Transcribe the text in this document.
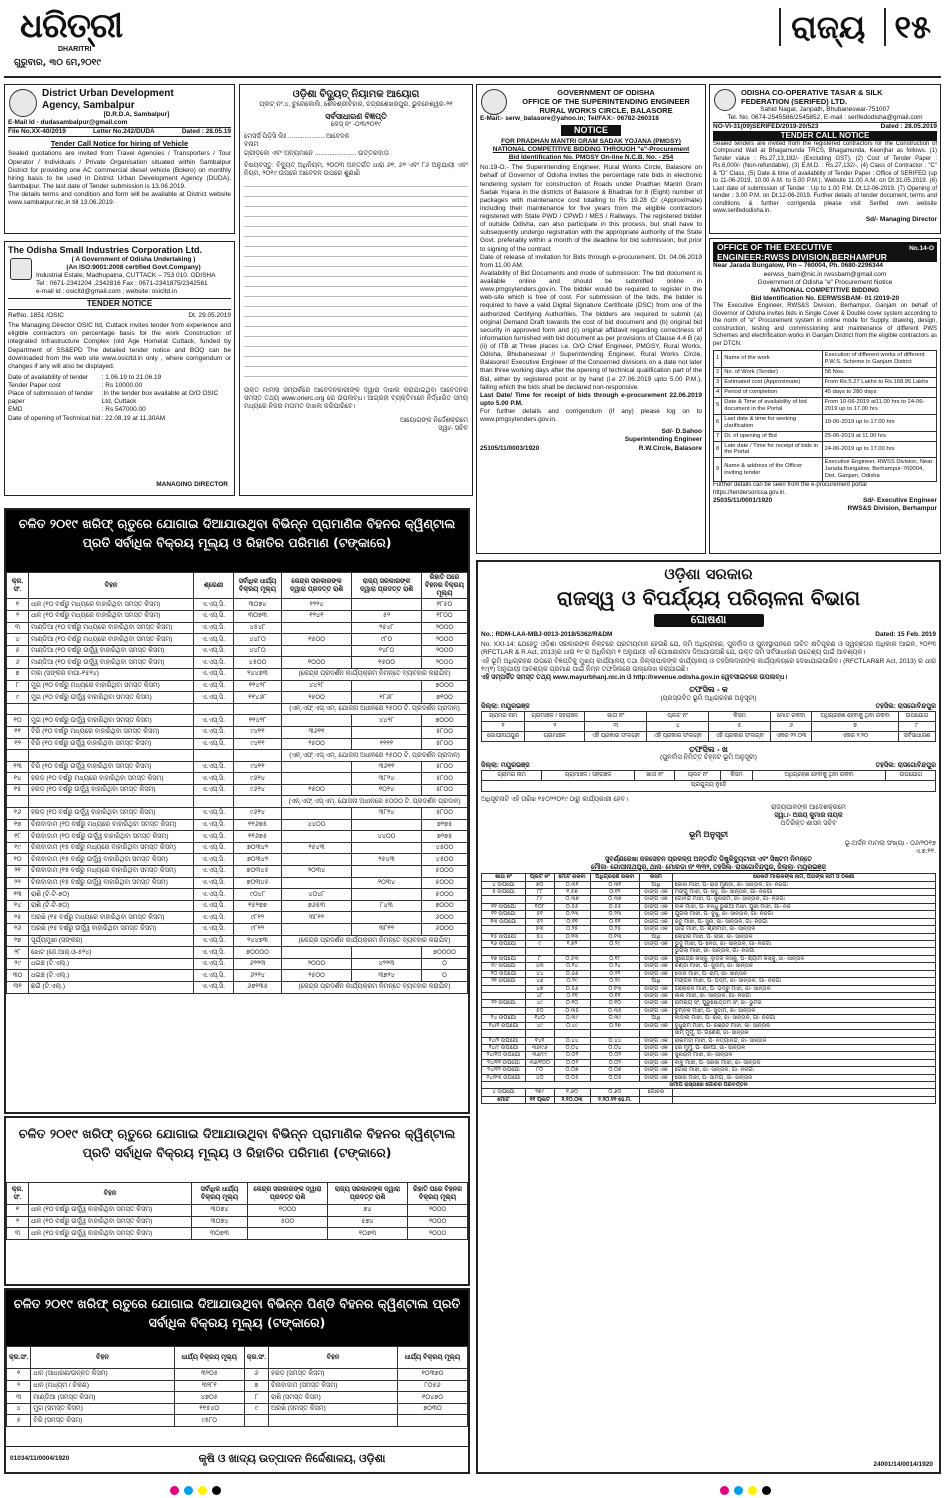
ଧରିତ୍ରୀ
DHARITRI
ଗୁରୁବାର, ୩୦ ମେ,୨୦୧୯
ରାଜ୍ୟ ୧୫
District Urban Development
Agency, Sambalpur
[D.R.D.A, Sambalpur]
E-Mail Id - dudasambalpur@gmail.com
File No.XX-40/2019	Letter No.242/DUDA	Dated : 28.05.19
Tender Call Notice for hiring of Vehicle
Sealed quotations are invited from Travel Agencies / Transporters / Tour Operator / Individuals / Private Organisation situated within Sambalpur District for providing one AC commercial diesel vehicle (Bolero) on monthly hiring basis to be used in District Urban Development Agency (DUDA), Sambalpur. The last date of Tender submission is 13.06.2019.
The details terms and condition and form will be available at District website www.sambalpur.nic.in till 13.06.2019.
The Odisha Small Industries Corporation Ltd.
( A Government of Odisha Undertaking )
(An ISO:9001:2008 certified Govt.Company)
Industrial Estate, Madhupatna, CUTTACK – 753 010. ODISHA
Tel : 0671-2341204 ,2342816 Fax : 0671-2341875/2342561
e-mail id : osicltd@gmail.com ; website: osicltd.in
TENDER NOTICE
RefNo. 1851 /OSIC	Dt. 29.05.2019
The Managing Director OSIC ltd, Cuttack invites tender from experience and eligible contractors on percentage basis for the work Construction of integrated Infrastructure Complex (old Age Homelat Cuttack, funded by Department of SS&EPD The detailed tender notice and BOQ can be downloaded from the web site www.osicltd.in only , where corrigendum or changes if any will also be displayed.
Date of availability of tender	: 1.06.19 to 21.06.19
Tender Paper cost	: Rs 10000.00
Place of submission of tender paper
:In the tender box available at O/O OSIC Ltd, Cuttack
EMD	: Rs 547000.00
Date of opening of Technical bid : 22.08.19 at 11.30AM
MANAGING DIRECTOR
ଓଡ଼ିଶା ବିଦ୍ୟୁତ୍ ନିୟାମକ ଆୟୋଗ
ପ୍ଲଟ୍ ନଂ.୪, ଚୁନୋକୋଲି, ଶୈଳଶ୍ରୀବିହାର, ଚନ୍ଦ୍ରଶେଖରପୁର, ଭୁବନେଶ୍ୱର-୨୧
ସର୍ବସାଧାରଣ ବିଜ୍ଞପ୍ତି
କେସ୍ ନଂ -୦୩/୨୦୧୯
ମେସର୍ସ ପିଡ଼ିସି ଲିଃ .................... ଆବେଦକ
ବନାମ
ଗ୍ରୀଡ଼କୋ ଏବଂ ଅନ୍ୟମାନେ ....................... ଉତ୍ତରଦାତା
ବିଷୟବସ୍ତୁ: ବିଦ୍ୟୁତ୍ ଅଧିନିୟମ, ୨୦୦୩ ଅନ୍ତର୍ଗତ ଧାରା ୬୧, ୬୨ ଏବଂ ୮୬ ଅନୁଯାୟୀ ଏବଂ ନିୟମ, ୨୦୧୯ ଉପରେ ଆବେଦନ ଉପରେ ଶୁଣାଣି
ଉକ୍ତ ମାମଲା ସମ୍ପର୍କରେ ଆବେଦନକାରୀଙ୍କ ଦ୍ୱାରା ଦାଖଲ କରାଯାଇଥିବା ଆବେଦନର ସମସ୍ତ ତଥ୍ୟ www.orierc.org ରେ ଉପଲବ୍ଧ। ଆଗ୍ରହୀ ବ୍ୟକ୍ତିମାନେ ନିର୍ଦ୍ଧାରିତ ସମୟ ମଧ୍ୟରେ ନିଜର ମତାମତ ଦାଖଲ କରିପାରିବେ।
ଆୟୋଗଙ୍କ ନିର୍ଦ୍ଦେଶକ୍ରମେ
ସ୍ୱା/- ସଚିବ
GOVERNMENT OF ODISHA
OFFICE OF THE SUPERINTENDING ENGINEER
RURAL WORKS CIRCLE, BALASORE
E-Mail:- serw_balasore@yahoo.in; Tel/FAX:- 06782-260318
NOTICE
FOR PRADHAN MANTRI GRAM SADAK YOJANA (PMGSY)
NATIONAL COMPETITIVE BIDDING THROUGH "e"-Procurement
Bid Identification No. PMGSY On-line N.C.B. No. - 254
No.19-O.- The Superintending Engineer, Rural Works Circle, Balasore on behalf of Governor of Odisha invites the percentage rate bids in electronic tendering system for construction of Roads under Pradhan Mantri Gram Sadak Yojana in the districts of Balasore & Bhadrak for 8 (Eight) number of packages with maintenance cost totalling to Rs 19.28 Cr (Approximate) including their maintenance for five years from the eligible contractors registered with State PWD / CPWD / MES / Railways. The registered bidder of outside Odisha, can also participate in this process, but shall have to subsequently undergo registration with the appropriate authority of the State Govt. preferably within a month of the deadline for bid submission, but prior to signing of the contract
Date of release of invitation for Bids through e-procurement. Dt. 04.06.2019 from 11.00 AM.
Availability of Bid Documents and mode of submission: The bid document is available online and should be submitted online in www.pmgsytenders.gov.in. The bidder would be required to register in the web-site which is free of cost. For submission of the bids, the bidder is required to have a valid Digital Signature Certificate (DSC) from one of the authorized Certifying Authorities. The bidders are required to submit (a) original Demand Draft towards the cost of bid document and (b) original bid security in approved form and (c) original affidavit regarding correctness of information furnished with bid document as per provisions of Clause 4.4 B (a) (ii) of ITB at Three places i.e. O/O Chief Engineer, PMGSY, Rural Works, Odisha, Bhubaneswar // Superintending Engineer, Rural Works Circle, Balasore// Executive Engineer of the Concerned divisions on a date not later than three working days after the opening of technical qualification part of the Bid, either by registered post or by hand (i.e 27.06.2019 upto 5.00 P.M.), failing which the bids shall be declared non-responsive.
Last Date/ Time for receipt of bids through e-procurement 22.06.2019 upto 5.00 P.M.
For further details and corrigendum (if any) please log on to www.pmgsytenders.gov.in.
Sd/- D.Sahoo
Superintending Engineer
25105/11/0003/1920	R.W.Circle, Balasore
ODISHA CO-OPERATIVE TASAR & SILK
FEDERATION (SERIFED) LTD.
Sahid Nagar, Janpath, Bhubaneswar-751007
Tel. No. 0674-2545586/2545852, E-mail : serifedodisha@gmail.com
NO-VI-31(09)SERIFED/2019-20/523	Dated : 28.05.2019
TENDER CALL NOTICE
Sealed tenders are invited from the registered contractors for the Construction of Compound Wall at Bhagamunda TRCS, Bhagamunda, Keonjhar as follows. (1) Tender value : Rs.27,13,192/- (Excluding GST), (2) Cost of Tender Paper : Rs.6,000/- (Non-refundable), (3) E.M.D. : Rs.27,132/-, (4) Class of Contractor : "C" & "D" Class, (5) Date & time of availability of Tender Paper : Office of SERIFED (up to 11-06-2019, 10.00 A.M. to 5.00 P.M.). Website 11.00 A.M. on Dt.31.05.2019. (6) Last date of submission of Tender : Up to 1.00 P.M. Dt.12-06-2019. (7) Opening of tender : 3.00 P.M. on Dt.12-06-2019. Further details of tender document, terms and conditions & further corrigenda please visit Serifed own website www.serifedodisha.in.
Sd/- Managing Director
OFFICE OF THE EXECUTIVE
ENGINEER:RWSS DIVISION,BERHAMPUR
No.14-O
Near Jarada Bungalow, Pin – 760004, Ph. 0680-2296344
eerwss_bam@nic.in rwssbam@gmail.com
Government of Odisha "e" Procurement Notice
NATIONAL COMPETITIVE BIDDING
Bid Identification No. EERWSSBAM- 01 /2019-20
The Executive Engineer, RWS&S Division, Berhampur, Ganjam on behalf of Governor of Odisha invites bids in Single Cover & Double cover system according to the norm of "e" Procurement system in online mode for Supply, drawing, design, construction, testing and commissioning and maintenance of different PWS Schemes and electrification works in Ganjam District from the eligible contractors as per DTCN.
1	Name of the work	Execution of different works of different P.W.S. Scheme in Ganjam District
2	No. of Work (Tender)	58 Nos.
3	Estimated cost (Approximate)	From Rs.5.27 Lakhs to Rs.168.95 Lakhs
4	Period of completion	45 days to 280 days
5	Date & Time of availability of bid document in the Portal	From 10-06-2019 at11.00 hrs to 24-06-2019 up to 17.00 hrs
6	Last date & time for seeking clarification	19-06-2019 up to 17.00 hrs
7	Dt. of opening of Bid	25-06-2019 at 11.00 hrs
8	Late date / Time for receipt of bids in the Portal	24-06-2019 up to 17.00 hrs
9	Name & address of the Officer inviting tender	Executive Engineer, RWSS Division, Near Jarada Bungalow, Berhampur-760004, Dist. Ganjam, Odisha
Further details can be seen from the e-procurement portal https://tendersorissa.gov.in.
25035/11/0001/1920	Sd/- Executive Engineer
RWS&S Division, Berhampur
ଚଳିତ ୨୦୧୯ ଖରିଫ୍ ଋତୁରେ ଯୋଗାଇ ଦିଆଯାଉଥିବା ବିଭିନ୍ନ ପ୍ରାମାଣିକ ବିହନର କ୍ୱିଣ୍ଟାଲ ପ୍ରତି ସର୍ବାଧିକ ବିକ୍ରୟ ମୂଲ୍ୟ ଓ ରିହାତିର ପରିମାଣ (ଟଙ୍କାରେ)
କ୍ର. ସଂ.	ବିହନ	ଶ୍ରେଣୀ	ସର୍ବାଧିକ ଧାର୍ଯ୍ୟ ବିକ୍ରୟ ମୂଲ୍ୟ	କେନ୍ଦ୍ର ସରକାରଙ୍କ ଦ୍ୱାରା ପ୍ରଦତ୍ତ ରାଶି	ରାଜ୍ୟ ସରକାରଙ୍କ ଦ୍ୱାରା ପ୍ରଦତ୍ତ ରାଶି	ରିହାତି ପରେ ବିହନର ବିକ୍ରୟ ମୂଲ୍ୟ
୧	ଧାନ (୧୦ ବର୍ଷରୁ ମଧ୍ୟରେ ବାହାରିଥିବା ସମସ୍ତ କିସମ)	ଏ.ଏସ୍.ସି.	୩୦୭୪	୧୨୨୪		୧୮୫୦
୨	ଧାନ (୧୦ ବର୍ଷରୁ ମଧ୍ୟରେ ବାହାରିଥିବା ସମସ୍ତ କିସମ)	ଏ.ଏସ୍.ସି.	୩୦୭୩	୧୨୪୧	୫୨	୧୮୦୦
୩	ମାଣ୍ଡିଆ (୧୦ ବର୍ଷରୁ ମଧ୍ୟରେ ବାହାରିଥିବା ସମସ୍ତ କିସମ)	ଏ.ଏସ୍.ସି.	୪୫୪୮		୨୫୪୮	୨୦୦୦
୪	ମାଣ୍ଡିଆ (୧୦ ବର୍ଷରୁ ମଧ୍ୟରେ ବାହାରିଥିବା ସମସ୍ତ କିସମ)	ଏ.ଏସ୍.ସି.	୪୪୮୦	୧୫୦୦	୯୮୦	୨୦୦୦
୫	ମାଣ୍ଡିଆ (୧୦ ବର୍ଷରୁ ଉର୍ଦ୍ଧ୍ୱ ବାହାରିଥିବା ସମସ୍ତ କିସମ)	ଏ.ଏସ୍.ସି.	୪୪୮୦		୨୪୮୦	୨୦୦୦
୬	ମାଣ୍ଡିଆ (୧୦ ବର୍ଷରୁ ଉର୍ଦ୍ଧ୍ୱ ବାହାରିଥିବା ସମସ୍ତ କିସମ)	ଏ.ଏସ୍.ସି.	୪୫୦୦	୧୦୦୦	୧୫୦୦	୨୦୦୦
୭	ମକା (ସଙ୍କର ବାଘା-୧୫୨୪)	ଏ.ଏସ୍.ସି.	୨୪୪୭୩	(କେନ୍ଦ୍ର ପ୍ରଦର୍ଶନ କାର୍ଯ୍ୟକ୍ରମ ନିମନ୍ତେ ବ୍ୟବହାର କରାଯିବ)		
୮	ମୁଗ (୧୦ ବର୍ଷରୁ ମଧ୍ୟରେ ବାହାରିଥିବା ସମସ୍ତ କିସମ)	ଏ.ଏସ୍.ସି.	୧୧୪୨୮	୪୪୨୮		୭୦୦୦
୯	ମୁଗ (୧୦ ବର୍ଷରୁ ଉର୍ଦ୍ଧ୍ୱ ବାହାରିଥିବା ସମସ୍ତ କିସମ)	ଏ.ଏସ୍.ସି.	୧୧୪୬୮	୨୫୦୦	୧୮୬୮	୭୧୦୦
				(ଏନ୍.ଏଫ୍.ଏସ୍.ଏମ୍. ଯୋଜନା ଅଧୀନରେ ୨୫୦୦ ଟି. ପ୍ରଦର୍ଶନ ପ୍ରଦାନ)		
୧୦	ମୁଗ (୧୦ ବର୍ଷରୁ ଉର୍ଦ୍ଧ୍ୱ ବାହାରିଥିବା ସମସ୍ତ କିସମ)	ଏ.ଏସ୍.ସି.	୧୧୪୨୮		୪୪୨୮	୭୦୦୦
୧୧	ବିରି (୧୦ ବର୍ଷରୁ ମଧ୍ୟରେ ବାହାରିଥିବା ସମସ୍ତ କିସମ)	ଏ.ଏସ୍.ସି.	୯୪୧୧	୩୬୧୧		୫୮୦୦
୧୨	ବିରି (୧୦ ବର୍ଷରୁ ଉର୍ଦ୍ଧ୍ୱ ବାହାରିଥିବା ସମସ୍ତ କିସମ)	ଏ.ଏସ୍.ସି.	୯୪୧୧	୨୫୦୦	୧୧୧୧	୫୮୦୦
				(ଏନ୍.ଏଫ୍.ଏସ୍.ଏମ୍. ଯୋଜନା ଅଧୀନରେ ୨୫୦୦ ଟି. ପ୍ରଦର୍ଶନ ପ୍ରଦାନ)		
୧୩	ବିରି (୧୦ ବର୍ଷରୁ ଉର୍ଦ୍ଧ୍ୱ ବାହାରିଥିବା ସମସ୍ତ କିସମ)	ଏ.ଏସ୍.ସି.	୯୪୧୧		୩୬୧୧	୫୮୦୦
୧୪	ହରଡ଼ (୧୦ ବର୍ଷରୁ ମଧ୍ୟରେ ବାହାରିଥିବା ସମସ୍ତ କିସମ)	ଏ.ଏସ୍.ସି.	୯୬୨୪		୩୮୨୪	୫୮୦୦
୧୫	ହରଡ଼ (୧୦ ବର୍ଷରୁ ଉର୍ଦ୍ଧ୍ୱ ବାହାରିଥିବା ସମସ୍ତ କିସମ)	ଏ.ଏସ୍.ସି.	୯୬୨୪	୨୫୦୦	୧୦୨୪	୫୮୦୦
				(ଏନ୍.ଏଫ୍.ଏସ୍.ଏମ୍. ଯୋଜନା ଅଧୀନରେ ୫୦୦୦ ଟି. ପ୍ରଦର୍ଶନ ପ୍ରଦାନ)		
୧୬	ହରଡ଼ (୧୦ ବର୍ଷରୁ ଉର୍ଦ୍ଧ୍ୱ ବାହାରିଥିବା ସମସ୍ତ କିସମ)	ଏ.ଏସ୍.ସି.	୯୬୨୪		୩୮୨୪	୫୮୦୦
୧୭	ଚିନାବାଦାମ (୧୦ ବର୍ଷରୁ ମଧ୍ୟରେ ବାହାରିଥିବା ସମସ୍ତ କିସମ)	ଏ.ଏସ୍.ସି.	୧୧୬୭୫	୪୪୦୦		୭୨୭୫
୧୮	ଚିନାବାଦାମ (୧୦ ବର୍ଷରୁ ଉର୍ଦ୍ଧ୍ୱ ବାହାରିଥିବା ସମସ୍ତ କିସମ)	ଏ.ଏସ୍.ସି.	୧୧୬୭୫		୪୪୦୦	୭୨୭୫
୧୯	ଚିନାବାଦାମ (୧୫ ବର୍ଷରୁ ମଧ୍ୟରେ ବାହାରିଥିବା ସମସ୍ତ କିସମ)	ଏ.ଏସ୍.ସି.	୭୦୩୪୨	୨୫୪୩		୪୫୦୦
୨୦	ଚିନାବାଦାମ (୧୫ ବର୍ଷରୁ ଉର୍ଦ୍ଧ୍ୱ ବାହାରିଥିବା ସମସ୍ତ କିସମ)	ଏ.ଏସ୍.ସି.	୭୦୩୪୨		୨୫୪୩	୪୫୦୦
୨୧	ଚିନାବାଦାମ (୧୫ ବର୍ଷରୁ ମଧ୍ୟରେ ବାହାରିଥିବା ସମସ୍ତ କିସମ)	ଏ.ଏସ୍.ସି.	୭୦୩୪୫	୨୦୩୪		୫୦୦୦
୨୨	ଚିନାବାଦାମ (୧୫ ବର୍ଷରୁ ଉର୍ଦ୍ଧ୍ୱ ବାହାରିଥିବା ସମସ୍ତ କିସମ)	ଏ.ଏସ୍.ସି.	୭୦୩୪୫		୨୦୩୪	୫୦୦୦
୨୩	ରାଶି (ଟି-ଟି-୭୦)	ଏ.ଏସ୍.ସି.	୯୦୪୮	୪୦୪୮		୫୦୦୦
୨୪	ରାଶି (ଟି-ଟି-୭୦)	ଏ.ଏସ୍.ସି.	୧୫୨୭୭	୭୬୫୩	୮୪୩	୭୦୦୦
୨୫	ଅରଖି (୧୫ ବର୍ଷରୁ ମଧ୍ୟରେ ବାହାରିଥିବା ସମସ୍ତ କିସମ)	ଏ.ଏସ୍.ସି.	୯୮୧୨	୩୮୧୨		୬୦୦୦
୨୬	ଅରଖି (୧୫ ବର୍ଷରୁ ଉର୍ଦ୍ଧ୍ୱ ବାହାରିଥିବା ସମସ୍ତ କିସମ)	ଏ.ଏସ୍.ସି.	୯୮୧୨		୩୮୧୨	୬୦୦୦
୨୭	ସୂର୍ଯ୍ୟମୁଖୀ (ସଙ୍କର)	ଏ.ଏସ୍.ସି.	୨୪୪୭୩	(କେନ୍ଦ୍ର ପ୍ରଦର୍ଶନ କାର୍ଯ୍ୟକ୍ରମ ନିମନ୍ତେ ବ୍ୟବହାର କରାଯିବ)		
୨୮	ଝୋଟ (ଜେ.ଆର୍.ଓ-୫୨୪)	ଏ.ଏସ୍.ସି.	୭୦୦୦୦			୭୦୦୦୦
୨୯	ଧଇଞ୍ଚ (ଟି.ଏଲ୍.)	ଏ.ଏସ୍.ସି.	୬୨୨୩	୨୦୦୦	୪୨୨୩	୦
୩୦	ଧଇଞ୍ଚ (ଟି.ଏଲ୍.)	ଏ.ଏସ୍.ସି.	୬୨୨୪	୨୫୦୦	୩୭୨୪	୦
୩୧	ଛଇଁ (ଟି.ଏଲ୍.)	ଏ.ଏସ୍.ସି.	୬୭୧୩୫	(କେନ୍ଦ୍ର ପ୍ରଦର୍ଶନ କାର୍ଯ୍ୟକ୍ରମ ନିମନ୍ତେ ବ୍ୟବହାର କରାଯିବ)		
ଚଳିତ ୨୦୧୯ ଖରିଫ୍ ଋତୁରେ ଯୋଗାଇ ଦିଆଯାଉଥିବା ବିଭିନ୍ନ ପ୍ରାମାଣିକ ବିହନର କ୍ୱିଣ୍ଟାଲ ପ୍ରତି ସର୍ବାଧିକ ବିକ୍ରୟ ମୂଲ୍ୟ ଓ ରିହାତିର ପରିମାଣ (ଟଙ୍କାରେ)
କ୍ର. ସଂ.	ବିହନ	ସର୍ବାଧିକ ଧାର୍ଯ୍ୟ ବିକ୍ରୟ ମୂଲ୍ୟ	କେନ୍ଦ୍ର ସରକାରଙ୍କ ଦ୍ୱାରା ପ୍ରଦତ୍ତ ରାଶି	ରାଜ୍ୟ ସରକାରଙ୍କ ଦ୍ୱାରା ପ୍ରଦତ୍ତ ରାଶି	ରିହାତି ପରେ ବିହନର ବିକ୍ରୟ ମୂଲ୍ୟ
୧	ଧାନ (୧୦ ବର୍ଷରୁ ଉର୍ଦ୍ଧ୍ୱ ବାହାରିଥିବା ସମସ୍ତ କିସମ)	୩୦୭୪	୧୦୦୦	୭୪	୨୦୦୦
୨	ଧାନ (୧୦ ବର୍ଷରୁ ଉର୍ଦ୍ଧ୍ୱ ବାହାରିଥିବା ସମସ୍ତ କିସମ)	୩୦୭୪	୫୦୦	୫୭୪	୨୦୦୦
୩	ଧାନ (୧୦ ବର୍ଷରୁ ଉର୍ଦ୍ଧ୍ୱ ବାହାରିଥିବା ସମସ୍ତ କିସମ)	୩୦୭୩		୧୦୭୩	୨୦୦୦
ଚଳିତ ୨୦୧୯ ଖରିଫ୍ ଋତୁରେ ଯୋଗାଇ ଦିଆଯାଉଥିବା ବିଭିନ୍ନ ପିଣ୍ଡି ବିହନର କ୍ୱିଣ୍ଟାଲ ପ୍ରତି ସର୍ବାଧିକ ବିକ୍ରୟ ମୂଲ୍ୟ (ଟଙ୍କାରେ)
କ୍ର.ସଂ.	ବିହନ	ଧାର୍ଯ୍ୟ ବିକ୍ରୟ ମୂଲ୍ୟ	କ୍ର.ସଂ.	ବିହନ	ଧାର୍ଯ୍ୟ ବିକ୍ରୟ ମୂଲ୍ୟ
୧	ଧାନ (ସାଧାରଣ/ଉନ୍ନତ କିସମ)	୩୨୦୫	୬	ହରଡ଼ (ସମସ୍ତ କିସମ)	୧୦୩୭୦
୨	ଧାନ (ମଧ୍ୟମ / ଚିକଣ)	୩୨୮୧	୭	ଚିନାବାଦାମ (ସମସ୍ତ କିସମ)	୮୦୫୬
୩	ମାଣ୍ଡିଆ (ସମସ୍ତ କିସମ)	୪୭୦୫	୮	ରାଶି (ସମସ୍ତ କିସମ)	୧୦୪୭୦
୪	ମୁଗ (ସମସ୍ତ କିସମ)	୧୧୫୪୦	୯	ଅରଖି (ସମସ୍ତ କିସମ)	୭୦୩୦
୫	ବିରି (ସମସ୍ତ କିସମ)	୯୫୮୦			
01034/11/0004/1920	କୃଷି ଓ ଖାଦ୍ୟ ଉତ୍ପାଦନ ନିର୍ଦ୍ଦେଶାଳୟ, ଓଡ଼ିଶା
ଓଡ଼ିଶା ସରକାର
ରାଜସ୍ୱ ଓ ବିପର୍ଯ୍ୟୟ ପରିଚାଳନା ବିଭାଗ
ଘୋଷଣା
No.: RDM-LAA-MBJ-0013-2018/5362/R&DM	Dated: 15 Feb. 2019
No. XXI-14: ଯେହେତୁ ଓଡ଼ିଶା ସରକାରଙ୍କ ନିକଟରେ ପ୍ରତୀୟମାନ ହେଉଛି ଯେ, ଜମି ଅଧିଗ୍ରହଣ, ପୁନର୍ବାସ ଓ ପୁନଃସ୍ଥାପନରେ ଉଚିତ କ୍ଷତିପୂରଣ ଓ ସ୍ୱଚ୍ଛତାର ଅଧିକାର ଆଇନ, ୨୦୧୩ (RFCTLAR & R Act, 2013)ର ଧାରା ୧୯ ର ଅଧିନିୟମ ୧ ଅନୁଯାୟୀ ଏହି ଘୋଷଣାନାମା ଦିଆଯାଉଅଛି ଯେ, ଉକ୍ତ ଜମି ସର୍ବସାଧାରଣ ଉଦ୍ଦେଶ୍ୟ ପାଇଁ ଆବଶ୍ୟକ।
ଏହି ଭୂମି ଅଧିଗ୍ରହଣ ଉପରେ ବିଜ୍ଞପ୍ତିକୁ ମୁଖ୍ୟ କାର୍ଯ୍ୟାଳୟ ତଥା ଜିଲ୍ଲାପାଳଙ୍କ କାର୍ଯ୍ୟାଳୟ ଓ ତହସିଲଦାରଙ୍କ କାର୍ଯ୍ୟାଳୟରେ ଦେଖାଯାଇପାରିବ। (RFCTLAR&R Act, 2013) ର ଧାରା ୧୯(୧) ଅନୁଯାୟୀ ଆବଶ୍ୟକ ପ୍ରମାଣ ପାଇଁ ନିମ୍ନ ତଫସିଲରେ ଉଲ୍ଲେଖ କରାଯାଇଛି।
ଏହି ସମ୍ପର୍କିତ ସମସ୍ତ ତଥ୍ୟ www.mayurbhanj.nic.in ଓ http://revenue.odisha.gov.in ୱେବସାଇଟରେ ଉପଲବ୍ଧ।
ତଫସିଲ - କ
(ପ୍ରସ୍ତାବିତ ଭୂମି ଅଧିଗ୍ରହଣ ଅନୁସୂଚୀ)
ଜିଲ୍ଲା: ମୟୂରଭଞ୍ଜ	ତହସିଲ: ରାସଗୋବିନ୍ଦପୁର
ଗ୍ରାମର ନାମ	ଗ୍ରାମାଞ୍ଚଳ / ସହରାଞ୍ଚଳ	ଖାତା ନଂ	ପ୍ଲଟ ନଂ	କିସମ	ମୋଟ ରକବା	ଅଧିଗ୍ରହଣ ହେବାକୁ ଥିବା ରକବା	ଉପଯୋଗ
୧	୨	୩	୪	୫	୬	୭	୮
ଗୋପୀନାଥପୁର	ଗ୍ରାମାଞ୍ଚଳ	ଏହି ପ୍ରକାର ସଂଲଗ୍ନ	ଏହି ପ୍ରକାର ସଂଲଗ୍ନ	ଏହି ପ୍ରକାର ସଂଲଗ୍ନ	ଏକର ୨୨.୦୩	ଏକର ୨.୨୦	ସର୍ବସାଧାରଣ
ତଫସିଲ - ଖ
(ପୁନର୍ବାସ ନିମିତ୍ତ ଚିହ୍ନଟ ଭୂମି ଅନୁସୂଚୀ)
ଜିଲ୍ଲା: ମୟୂରଭଞ୍ଜ	ତହସିଲ: ରାସଗୋବିନ୍ଦପୁର
ଗ୍ରାମର ନାମ	ଗ୍ରାମାଞ୍ଚଳ / ସହରାଞ୍ଚଳ	ଖାତା ନଂ	ପ୍ଲଟ ନଂ	କିସମ	ଅଧିଗ୍ରହଣ ହେବାକୁ ଥିବା ରକବା	ଉପଯୋଗ
ପ୍ରଯୁଜ୍ୟ ନୁହେଁ
ଅଧିସୂଚନାଟି ଏହି ତାରିଖ ୧୫୦୨୨୦୧୯ ଠାରୁ କାର୍ଯ୍ୟକାରୀ ହେବ।
ରାଜ୍ୟପାଳଙ୍କ ଆଦେଶକ୍ରମେ
ସ୍ୱା./- ଅଜୟ କୁମାର ନାୟକ
ଅତିରିକ୍ତ ଶାସନ ସଚିବ
ଭୂମି ଅନୁସୂଚୀ
ଭୂ-ଅର୍ଜନ ମାମଲା ସଂଖ୍ୟା - ୦୬/୨୦୧୭
ଏ.୭.୧୧.
ସୁବର୍ଣ୍ଣରେଖା ଜଳସେଚନ ପ୍ରକଳ୍ପ ଅନ୍ତର୍ଗତ ଡିଷ୍ଟ୍ରିବ୍ୟୁଟାରୀ ଏବଂ ସିଷ୍ଟମ ନିମନ୍ତେ
ମୌଜା- ଗୋପୀନାଥପୁର, ଥାନା- ମୋରଡା ନଂ ୩୩୨, ତହସିଲ- ରାସଗୋବିନ୍ଦପୁର, ଜିଲ୍ଲା- ମୟୂରଭଞ୍ଜ
ଖାତା ନଂ	ପ୍ଲଟ ନଂ	ମୋଟ ରକବା	ଅଧିଗ୍ରହଣ ରକବା	କିସମ	ରେକର୍ଡ ମାଲିକଙ୍କ ନାମ, ପିତାଙ୍କ ନାମ ଓ ଠିକଣା
୪ ଉପଯୋ	୭୦	୦.୩୧	୦.୩୧	ଆଧି	ଜୋନା ମାଝୀ, ପି- ରାଜ ମୁଣ୍ଡା, ଜା- ସାନ୍ତାଳ, ଗା- ନିଜଗାଁ
୫ ଉପଯୋ	୮୮	୧.୫୭	୦.୧୨	ଡାଙ୍ଗ ଏକ	ମଙ୍ଗୁ ମାଝୀ, ପି- ସିଦୁ, ଜା- ସାନ୍ତାଳ, ଗା- ନିଜଗାଁ
	୮୯	୦.୩୭	୦.୩୭	ଡାଙ୍ଗ ଏକ	ଗୋବିନ୍ଦ ମାଝୀ, ପି- ସୁନାରାମ, ଜା- ସାନ୍ତାଳ, ଗା- ନିଜଗାଁ
୧୧ ଉପଯୋ	୧୦୮	୦.୫୫	୦.୫୫	ଡାଙ୍ଗ ଏକ	ବାଳି ମାଝୀ, ପି- ବନ୍ଧୁ ଭୁଇଁଆ ମାଝୀ, ପୁରୀ ମାଝୀ, ଗା- ନିଜ
୧୨ ଉପଯୋ	୫୧	୦.୨୩	୦.୨୩	ଡାଙ୍ଗ ଏକ	ଯୁଗଲ ମାଝୀ, ପି- ବୁଧୁ, ଜା- ସାନ୍ତାଳ, ଗା- ନିଜଗାଁ
୧୩ ଉପଯୋ	୫୨	୦.୧୧	୦.୧୧	ଡାଙ୍ଗ ଏକ	ଜିତୁ ମାଝୀ, ପି- ସୁନା, ଜା- ସାନ୍ତାଳ, ଗା- ନିଜଗାଁ
	୫୩	୦.୨୫	୦.୨୫	ଡାଙ୍ଗ ଏକ	ଭାଗି ମାଝୀ, ପି- ଶ୍ରୀମତୀ, ଜା- ସାନ୍ତାଳ
୧୫ ଉପଯୋ	୫୪	୦.୧୩	୦.୧୩	ଆଧି	ଲୋହାର ମାଝୀ, ପି- ରାଜା, ଜା- ସାନ୍ତାଳ
୧୬ ଉପଯୋ	୯	୧.୭୨	୦.୨୯	ଡାଙ୍ଗ ଏକ	ଭୁଦୁ ମାଝୀ, ପି- ନେତା, ଜା- ସାନ୍ତାଳ, ଗା- ନିଜଗାଁ
					ଭୁଗଲା ମାଝୀ, ଜା- ସାନ୍ତାଳ, ଗା- ନିଜଗାଁ
୧୭ ଉପଯୋ	୮	୦.୫୩	୦.୧୮	ଡାଙ୍ଗ ଏକ	ସୁରେନ୍ଦ୍ର କିସ୍କୁ, ଲୁଡ଼ିକି କିସ୍କୁ, ପି- ଶ୍ୟାମ କିସ୍କୁ, ଜା- ସାନ୍ତାଳ
୧୯ ଉପଯୋ	୪୩	୦.୨୪	୦.୨୪	ଡାଙ୍ଗ ଏକ	ଚଣ୍ଡୀ ମାଝୀ, ପି- ସୁଦାମ, ଜା- ସାନ୍ତାଳ
୨୦ ଉପଯୋ	୪୪	୦.୬୬	୦.୨୨	ଡାଙ୍ଗ ଏକ	ଦୋଳ ମାଝୀ, ପି- ରାମ, ଜା- ସାନ୍ତାଳ
୨୧ ଉପଯୋ	୪୬	୦.୨୯	୦.୨୯	ଆଧି	ମଙ୍ଗଳ ମାଝୀ, ପି- ପଦ୍ମ, ଜା- ସାନ୍ତାଳ, ଗା- ନିଜଗାଁ
	୪୭	୦.୫୬	୦.୧୩	ଡାଙ୍ଗ ଏକ	ଗିଲୋଚନ ମାଝୀ, ପି- ଭଦ୍ରୁ ମାଝୀ, ଜା- ସାନ୍ତାଳ
	୪୮	୦.୧୧	୦.୧୧	ଡାଙ୍ଗ ଏକ	ଲାଲ ମାଝୀ, ଜା- ସାନ୍ତାଳ, ଗା- ନିଜଗାଁ
୨୨ ଉପଯୋ	୪୯	୦.୧୦	୦.୧୦	ଡାଙ୍ଗ ଏକ	ରାମରାୟ ସିଂ, ପୁରୁଷୋତ୍ତମ ସିଂ, ଜା- ଭୁମିଜ
	୫୦	୦.୩୫	୦.୩୫	ଡାଙ୍ଗ ଏକ	ଚୁମ୍ବକ ମାଝୀ, ପି- ସୁଦାମ, ଜା- ସାନ୍ତାଳ
୨୪ ଉପଯୋ	୧୪୦	୦.୩୯	୦.୩୯	ଆଧି	ବାଦାଲ ମାଝୀ, ପି- ରାଜ, ଜା- ସାନ୍ତାଳ, ଗା- ନିଜଗାଁ
୨୪/୧ ଉପଯୋ	୪୯	୦.୪୯	୦.୨୭	ଡାଙ୍ଗ ଏକ	ବୁଧୁରାମ ମାଝୀ, ପି- ରଞ୍ଜିତ ମାଝୀ, ଜା- ସାନ୍ତାଳ
					ସାମ୍ ମୁର୍ମୁ, ପି- ଗଣେଶ, ଜା- ସାନ୍ତାଳ
୨୪/୨ ଉପଯୋ	୧୪୧	୦.୪୪	୦.୪୪	ଡାଙ୍ଗ ଏକ	ରାଇମତୀ ମାଝୀ, ପି- ନିତ୍ୟାନନ୍ଦ, ଜା- ସାନ୍ତାଳ
୨୪/୯ ଉପଯୋ	୩୬/୯୬	୦.୦୪	୦.୦୪	ଡାଙ୍ଗ ଏକ	ହରି ମୁର୍ମୁ, ପି- ଶନିଆ, ଜା- ସାନ୍ତାଳ
୨୪/୧୦ ଉପଯୋ	୩୬/୯୯	୦.୦୨	୦.୦୨	ଡାଙ୍ଗ ଏକ	ସୁନାରାମ ମାଝୀ, ଜା- ସାନ୍ତାଳ
୨୪/୧୧ ଉପଯୋ	୩୬/୧୦୦	୦.୦୨	୦.୦୨	ଡାଙ୍ଗ ଏକ	ବାବୁ ମାଝୀ, ପି- ସରକା ମାଝୀ, ଜା- ସାନ୍ତାଳ
୨୪/୧୨ ଉପଯୋ	୮୦	୦.୦୭	୦.୦୭	ଡାଙ୍ଗ ଏକ	ଗୋରା ମାଝୀ, ଜା- ସାନ୍ତାଳ, ଗା- ନିଜଗାଁ
୨୪/୧୩ ଉପଯୋ	୪୦	୦.୦୫	୦.୦୫	ଡାଙ୍ଗ ଏକ	ସୋନା ମାଝୀ, ପି- ସାମୟ, ଜା- ସାନ୍ତାଳ
ସମୀପ ରାସ୍ତାରେ ଗୋଚର ପରିବର୍ତ୍ତନ					
୪ ଉପଯୋ	୨୭୯	୧.୬୦	୦.୬୦	ଗୋଚର	
ମୋଟ	୧୧ ପ୍ଲଟ	୨.୨୦.୦୩	୨.୨୦.୧୧ ହେ.ମି.		
24001/14/0014/1920
